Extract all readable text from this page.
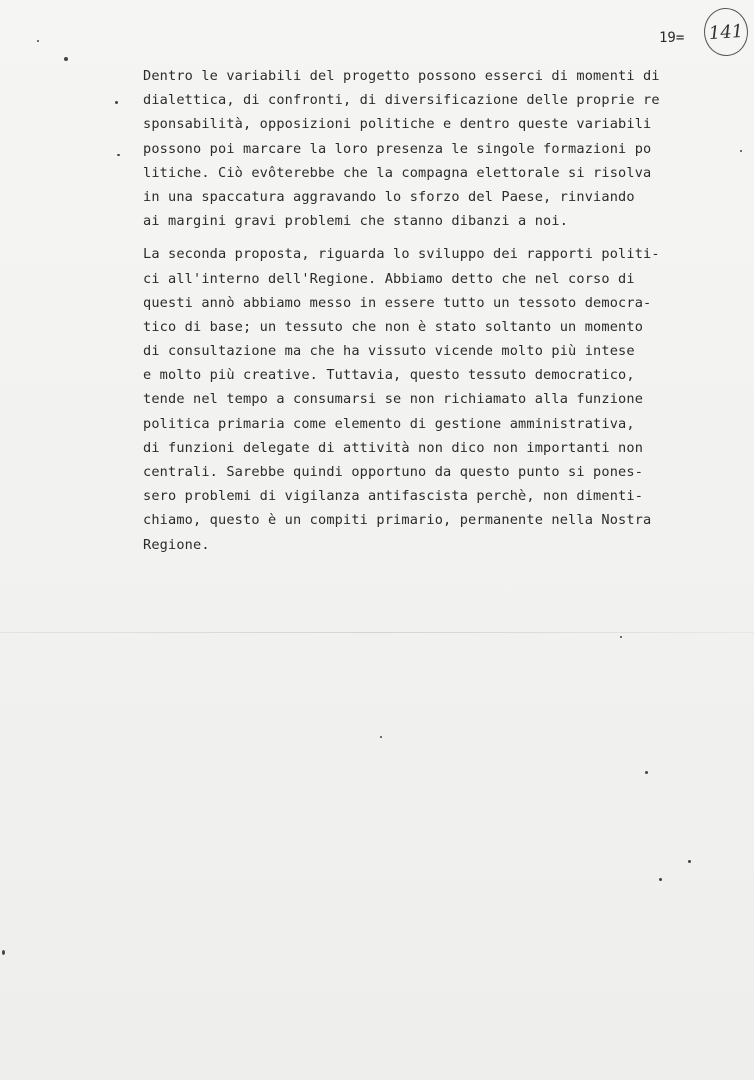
19= 141
Dentro le variabili del progetto possono esserci di momenti di
dialettica, di confronti, di diversificazione delle proprie re
sponsabilità, opposizioni politiche e dentro queste variabili
possono poi marcare la loro presenza le singole formazioni po
litiche. Ciò evôterebbe che la compagna elettorale si risolva
in una spaccatura aggravando lo sforzo del Paese, rinviando
ai margini gravi problemi che stanno dibanzi a noi.
La seconda proposta, riguarda lo sviluppo dei rapporti politi-
ci all'interno dell'Regione. Abbiamo detto che nel corso di
questi annò abbiamo messo in essere tutto un tessoto democra-
tico di base; un tessuto che non è stato soltanto un momento
di consultazione ma che ha vissuto vicende molto più intese
e molto più creative. Tuttavia, questo tessuto democratico,
tende nel tempo a consumarsi se non richiamato alla funzione
politica primaria come elemento di gestione amministrativa,
di funzioni delegate di attività non dico non importanti non
centrali. Sarebbe quindi opportuno da questo punto si pones-
sero problemi di vigilanza antifascista perchè, non dimenti-
chiamo, questo è un compiti primario, permanente nella Nostra
Regione.
